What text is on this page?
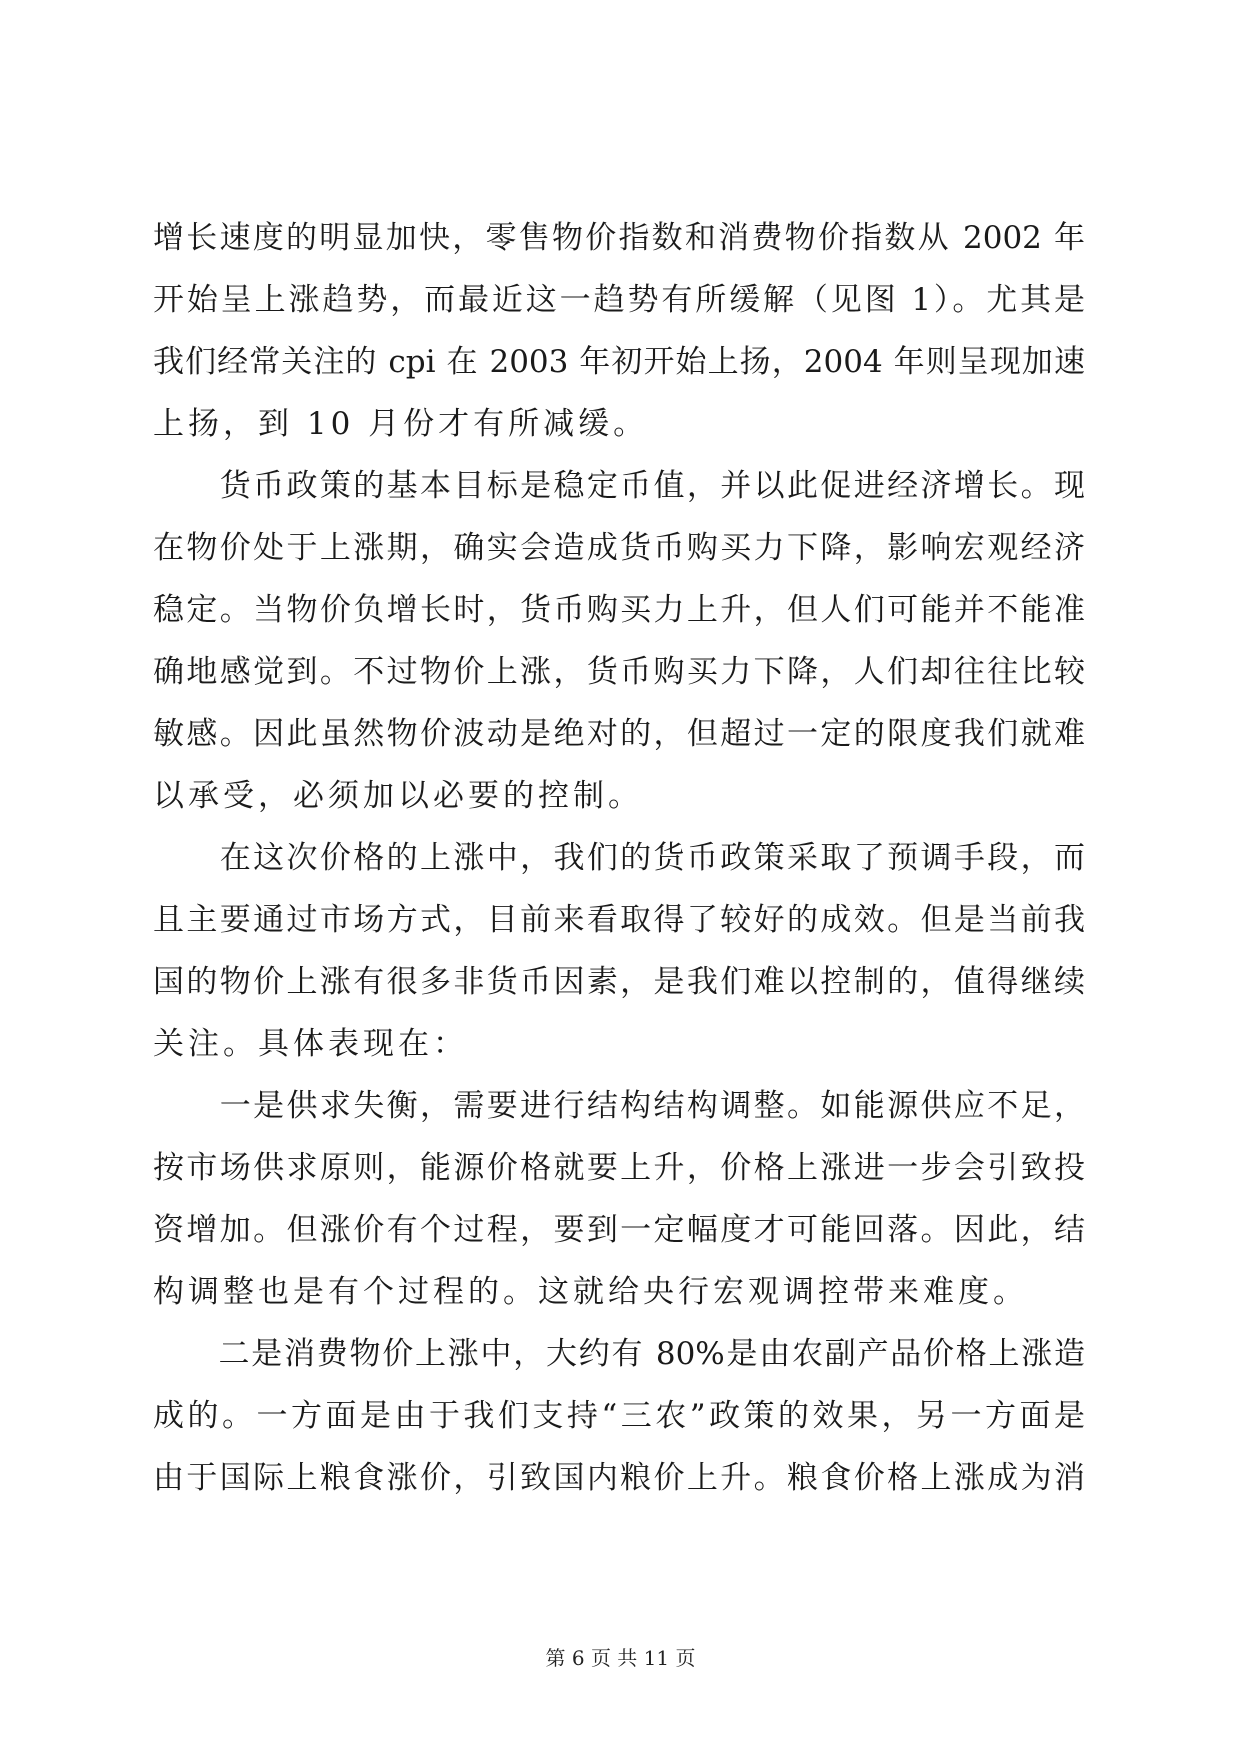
增长速度的明显加快，零售物价指数和消费物价指数从 2002 年
开始呈上涨趋势，而最近这一趋势有所缓解（见图 1）。尤其是
我们经常关注的 cpi 在 2003 年初开始上扬，2004 年则呈现加速
上扬，到 10 月份才有所减缓。
　　货币政策的基本目标是稳定币值，并以此促进经济增长。现
在物价处于上涨期，确实会造成货币购买力下降，影响宏观经济
稳定。当物价负增长时，货币购买力上升，但人们可能并不能准
确地感觉到。不过物价上涨，货币购买力下降，人们却往往比较
敏感。因此虽然物价波动是绝对的，但超过一定的限度我们就难
以承受，必须加以必要的控制。
　　在这次价格的上涨中，我们的货币政策采取了预调手段，而
且主要通过市场方式，目前来看取得了较好的成效。但是当前我
国的物价上涨有很多非货币因素，是我们难以控制的，值得继续
关注。具体表现在：
　　一是供求失衡，需要进行结构结构调整。如能源供应不足，
按市场供求原则，能源价格就要上升，价格上涨进一步会引致投
资增加。但涨价有个过程，要到一定幅度才可能回落。因此，结
构调整也是有个过程的。这就给央行宏观调控带来难度。
　　二是消费物价上涨中，大约有 80%是由农副产品价格上涨造
成的。一方面是由于我们支持“三农”政策的效果，另一方面是
由于国际上粮食涨价，引致国内粮价上升。粮食价格上涨成为消
第 6 页 共 11 页
